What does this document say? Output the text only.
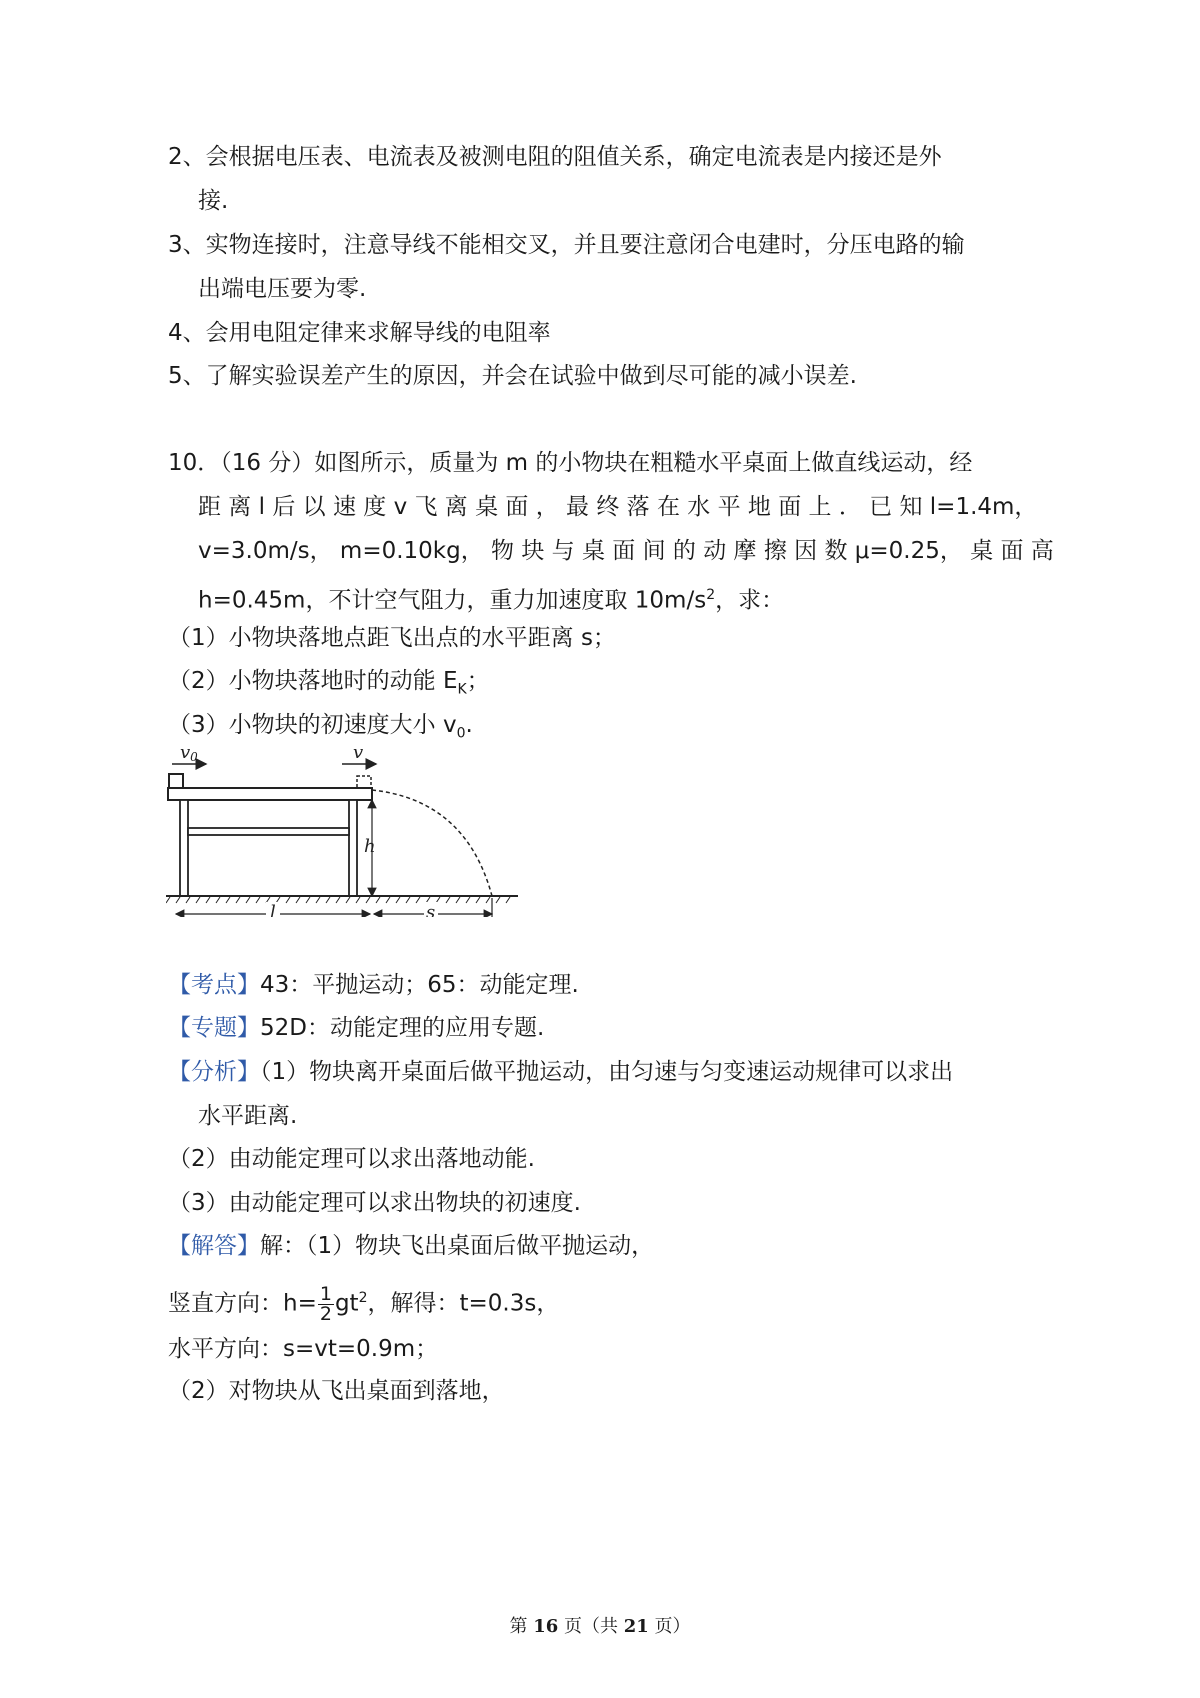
2、会根据电压表、电流表及被测电阻的阻值关系，确定电流表是内接还是外
接.
3、实物连接时，注意导线不能相交叉，并且要注意闭合电建时，分压电路的输
出端电压要为零.
4、会用电阻定律来求解导线的电阻率
5、了解实验误差产生的原因，并会在试验中做到尽可能的减小误差.
10．（16 分）如图所示，质量为 m 的小物块在粗糙水平桌面上做直线运动，经
距 离 l 后 以 速 度 v 飞 离 桌 面 ， 最 终 落 在 水 平 地 面 上 ． 已 知 l=1.4m，
v=3.0m/s， m=0.10kg， 物 块 与 桌 面 间 的 动 摩 擦 因 数 μ=0.25， 桌 面 高
h=0.45m，不计空气阻力，重力加速度取 $10m/s^2$，求：
（1）小物块落地点距飞出点的水平距离 s；
（2）小物块落地时的动能 $E_K$；
（3）小物块的初速度大小 $v_0$.
v0	v
h
l	s
【考点】43：平抛运动；65：动能定理.
【专题】52D：动能定理的应用专题.
【分析】（1）物块离开桌面后做平抛运动，由匀速与匀变速运动规律可以求出
水平距离.
（2）由动能定理可以求出落地动能.
（3）由动能定理可以求出物块的初速度.
【解答】解：（1）物块飞出桌面后做平抛运动，
竖直方向：$h= \frac{1}{2} gt^2$，解得：t=0.3s，
水平方向：s=vt=0.9m；
（2）对物块从飞出桌面到落地，
第 16 页（共 21 页）
